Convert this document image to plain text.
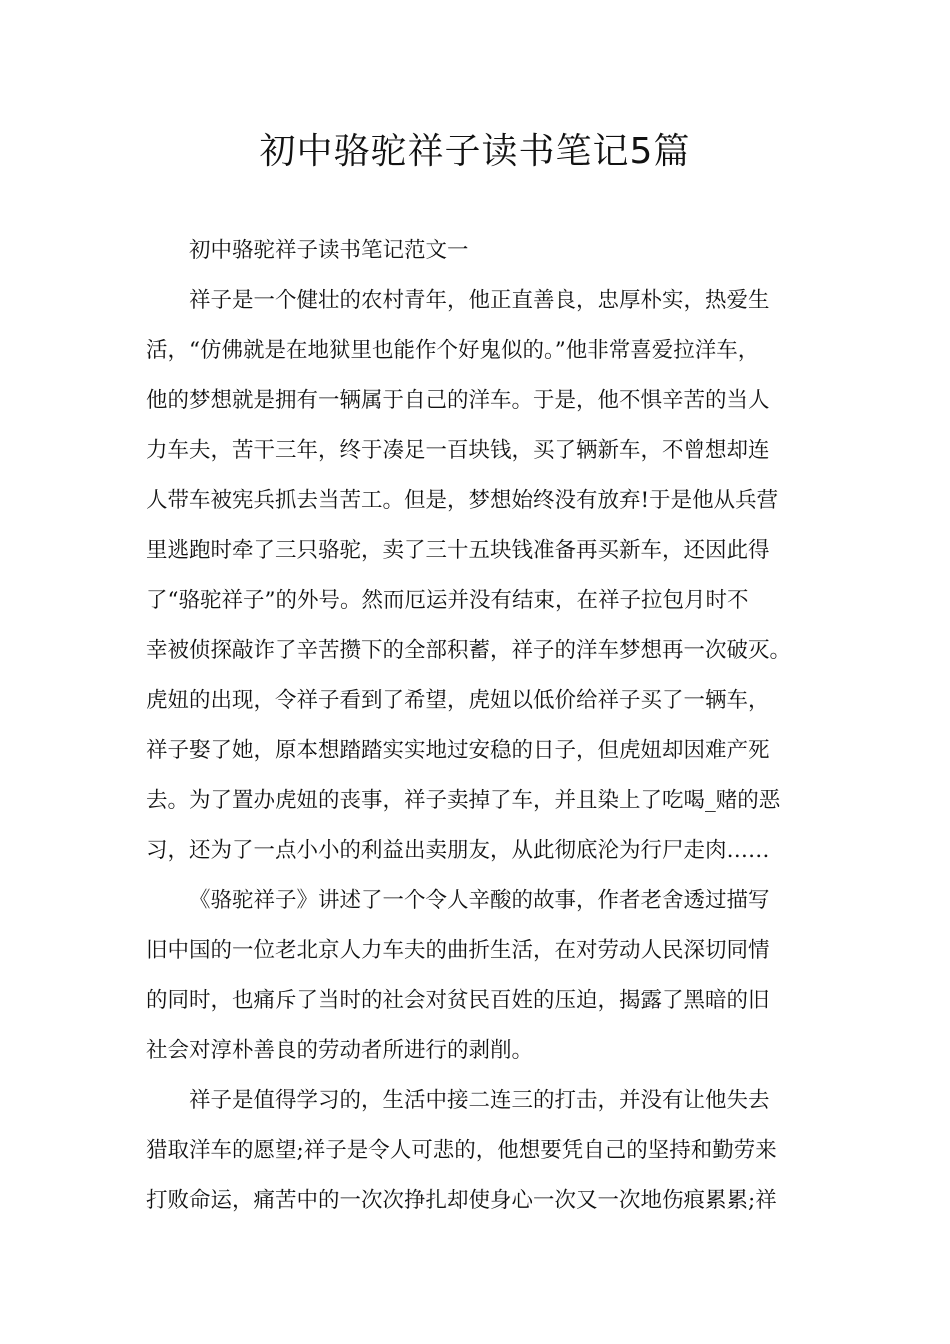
初中骆驼祥子读书笔记5篇
初中骆驼祥子读书笔记范文一
祥子是一个健壮的农村青年，他正直善良，忠厚朴实，热爱生
活，“仿佛就是在地狱里也能作个好鬼似的。”他非常喜爱拉洋车，
他的梦想就是拥有一辆属于自己的洋车。于是，他不惧辛苦的当人
力车夫，苦干三年，终于凑足一百块钱，买了辆新车，不曾想却连
人带车被宪兵抓去当苦工。但是，梦想始终没有放弃!于是他从兵营
里逃跑时牵了三只骆驼，卖了三十五块钱准备再买新车，还因此得
了“骆驼祥子”的外号。然而厄运并没有结束，在祥子拉包月时不
幸被侦探敲诈了辛苦攒下的全部积蓄，祥子的洋车梦想再一次破灭。
虎妞的出现，令祥子看到了希望，虎妞以低价给祥子买了一辆车，
祥子娶了她，原本想踏踏实实地过安稳的日子，但虎妞却因难产死
去。为了置办虎妞的丧事，祥子卖掉了车，并且染上了吃喝_赌的恶
习，还为了一点小小的利益出卖朋友，从此彻底沦为行尸走肉……
《骆驼祥子》讲述了一个令人辛酸的故事，作者老舍透过描写
旧中国的一位老北京人力车夫的曲折生活，在对劳动人民深切同情
的同时，也痛斥了当时的社会对贫民百姓的压迫，揭露了黑暗的旧
社会对淳朴善良的劳动者所进行的剥削。
祥子是值得学习的，生活中接二连三的打击，并没有让他失去
猎取洋车的愿望;祥子是令人可悲的，他想要凭自己的坚持和勤劳来
打败命运，痛苦中的一次次挣扎却使身心一次又一次地伤痕累累;祥
